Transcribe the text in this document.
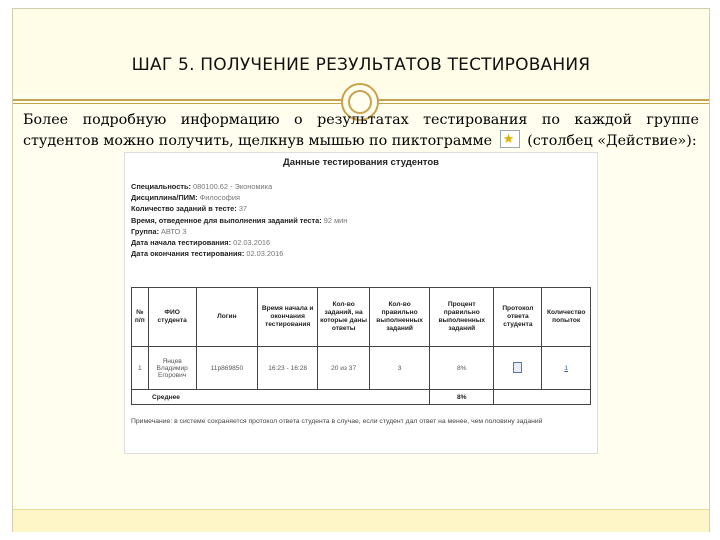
ШАГ 5. ПОЛУЧЕНИЕ РЕЗУЛЬТАТОВ ТЕСТИРОВАНИЯ
Более подробную информацию о результатах тестирования по каждой группе студентов можно получить, щелкнув мышью по пиктограмме ★ (столбец «Действие»):
Данные тестирования студентов
Специальность: 080100.62 - Экономика
Дисциплина/ПИМ: Философия
Количество заданий в тесте: 37
Время, отведенное для выполнения заданий теста: 92 мин
Группа: АВТО 3
Дата начала тестирования: 02.03.2016
Дата окончания тестирования: 02.03.2016
№ п/п	ФИО студента	Логин	Время начала и окончания тестирования	Кол-во заданий, на которые даны ответы	Кол-во правильно выполненных заданий	Процент правильно выполненных заданий	Протокол ответа студента	Количество попыток
1	Янцев Владимир Егорович	11р869850	16:23 - 16:28	20 из 37	3	8%		1
Среднее						8%		
Примечание: в системе сохраняется протокол ответа студента в случае, если студент дал ответ на менее, чем половину заданий
